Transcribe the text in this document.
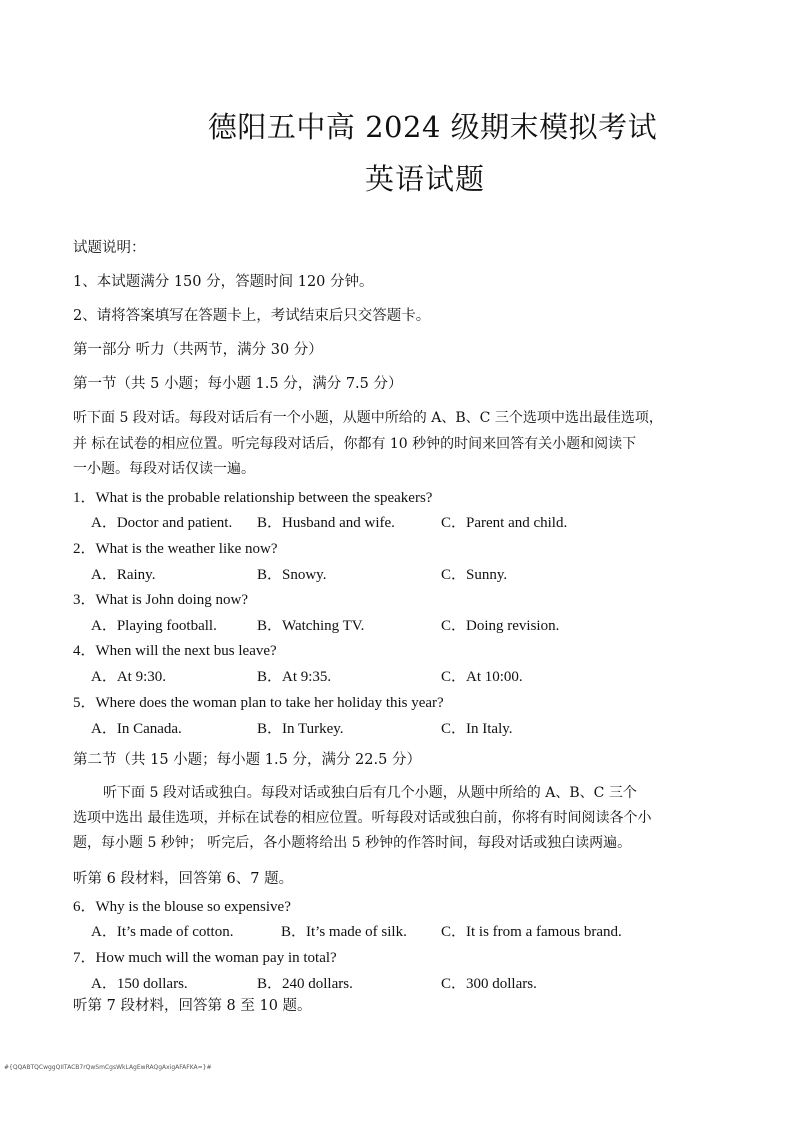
德阳五中高 2024 级期末模拟考试
英语试题
试题说明：
1、本试题满分 150 分，答题时间 120 分钟。
2、请将答案填写在答题卡上，考试结束后只交答题卡。
第一部分 听力（共两节，满分 30 分）
第一节（共 5 小题；每小题 1.5 分，满分 7.5 分）
听下面 5 段对话。每段对话后有一个小题，从题中所给的 A、B、C 三个选项中选出最佳选项，
并 标在试卷的相应位置。听完每段对话后，你都有 10 秒钟的时间来回答有关小题和阅读下
一小题。每段对话仅读一遍。
1．What is the probable relationship between the speakers?
A．Doctor and patient. B．Husband and wife.	C．Parent and child.
2．What is the weather like now?
A．Rainy.	B．Snowy.	C．Sunny.
3．What is John doing now?
A．Playing football.	B．Watching TV.	C．Doing revision.
4．When will the next bus leave?
A．At 9:30.	B．At 9:35.	C．At 10:00.
5．Where does the woman plan to take her holiday this year?
A．In Canada.	B．In Turkey.	C．In Italy.
第二节（共 15 小题；每小题 1.5 分，满分 22.5 分）
听下面 5 段对话或独白。每段对话或独白后有几个小题，从题中所给的 A、B、C 三个
选项中选出 最佳选项，并标在试卷的相应位置。听每段对话或独白前，你将有时间阅读各个小
题，每小题 5 秒钟； 听完后，各小题将给出 5 秒钟的作答时间，每段对话或独白读两遍。
听第 6 段材料，回答第 6、7 题。
6．Why is the blouse so expensive?
A．It’s made of cotton.	B．It’s made of silk. C．It is from a famous brand.
7．How much will the woman pay in total?
A．150 dollars.	B．240 dollars.	C．300 dollars.
听第 7 段材料，回答第 8 至 10 题。
#{QQABTQCwggQIITACB7rQwSmCgsWkLAgEwRAQgAxigAFAFKA=}#
